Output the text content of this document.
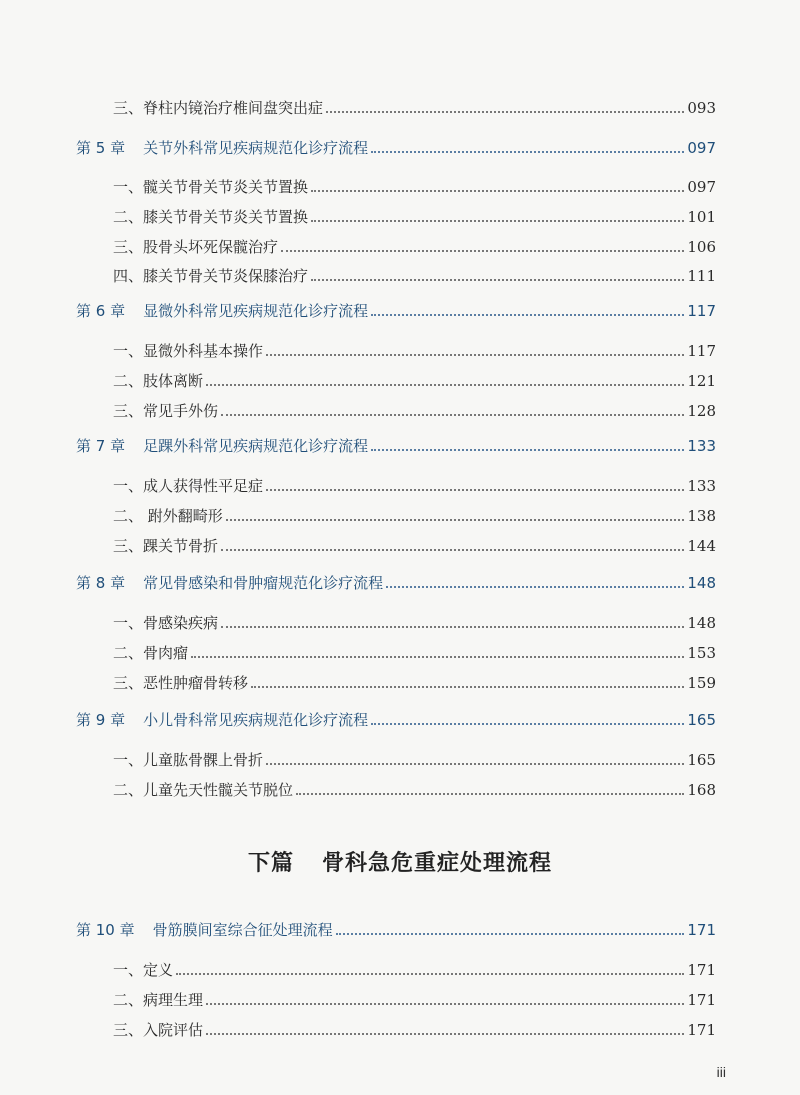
三、脊柱内镜治疗椎间盘突出症	093
第 5 章 关节外科常见疾病规范化诊疗流程	097
一、髋关节骨关节炎关节置换	097
二、膝关节骨关节炎关节置换	101
三、股骨头坏死保髋治疗	106
四、膝关节骨关节炎保膝治疗	111
第 6 章 显微外科常见疾病规范化诊疗流程	117
一、显微外科基本操作	117
二、肢体离断	121
三、常见手外伤	128
第 7 章 足踝外科常见疾病规范化诊疗流程	133
一、成人获得性平足症	133
二、 跗外翻畸形	138
三、踝关节骨折	144
第 8 章 常见骨感染和骨肿瘤规范化诊疗流程	148
一、骨感染疾病	148
二、骨肉瘤	153
三、恶性肿瘤骨转移	159
第 9 章 小儿骨科常见疾病规范化诊疗流程	165
一、儿童肱骨髁上骨折	165
二、儿童先天性髋关节脱位	168
下篇 骨科急危重症处理流程
第 10 章 骨筋膜间室综合征处理流程	171
一、定义	171
二、病理生理	171
三、入院评估	171
iii
